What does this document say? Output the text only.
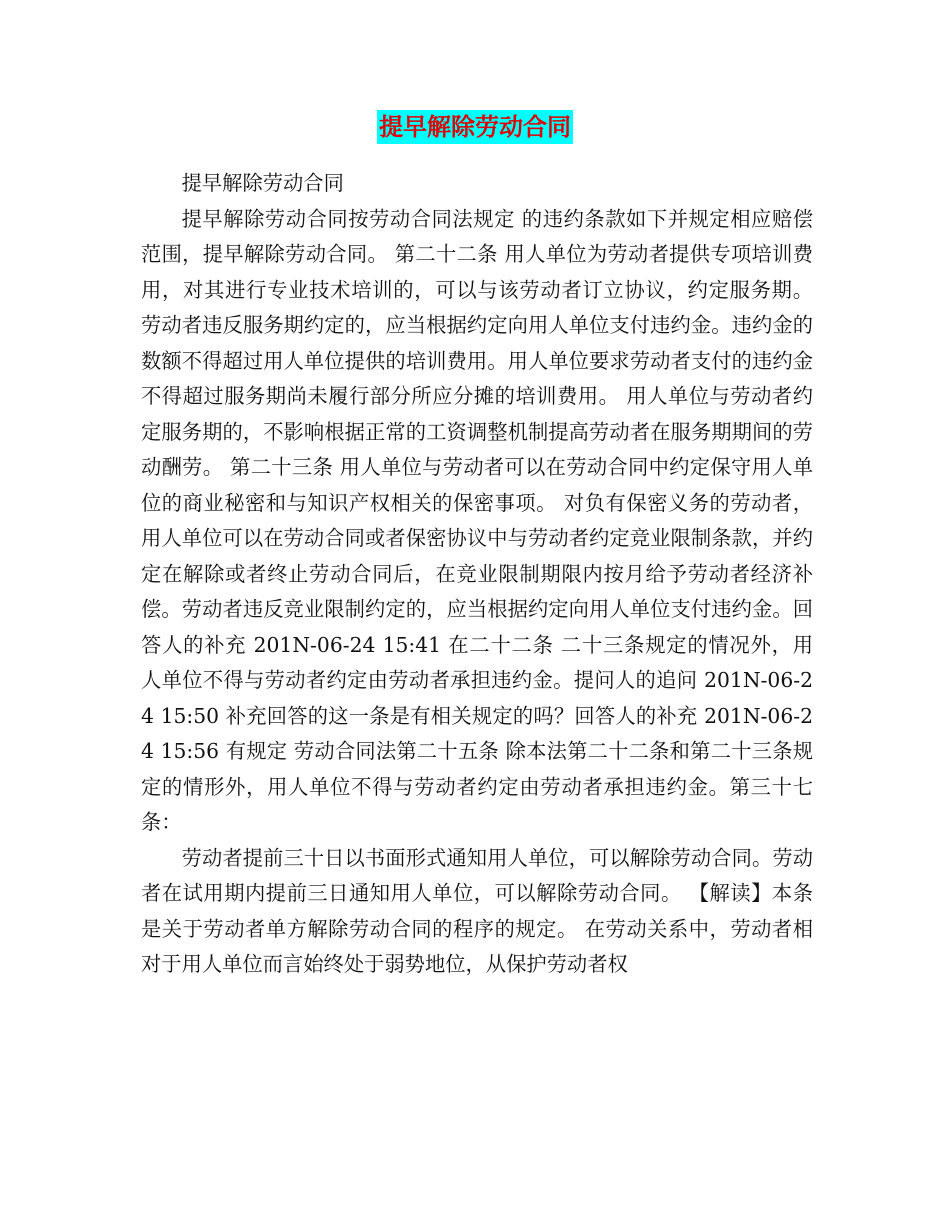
提早解除劳动合同

提早解除劳动合同

提早解除劳动合同按劳动合同法规定 的违约条款如下并规定相应赔偿范围，提早解除劳动合同。 第二十二条 用人单位为劳动者提供专项培训费用，对其进行专业技术培训的，可以与该劳动者订立协议，约定服务期。 劳动者违反服务期约定的，应当根据约定向用人单位支付违约金。违约金的数额不得超过用人单位提供的培训费用。用人单位要求劳动者支付的违约金不得超过服务期尚未履行部分所应分摊的培训费用。 用人单位与劳动者约定服务期的，不影响根据正常的工资调整机制提高劳动者在服务期期间的劳动酬劳。 第二十三条 用人单位与劳动者可以在劳动合同中约定保守用人单位的商业秘密和与知识产权相关的保密事项。 对负有保密义务的劳动者，用人单位可以在劳动合同或者保密协议中与劳动者约定竞业限制条款，并约定在解除或者终止劳动合同后，在竞业限制期限内按月给予劳动者经济补偿。劳动者违反竞业限制约定的，应当根据约定向用人单位支付违约金。回答人的补充 201N-06-24 15:41 在二十二条 二十三条规定的情况外，用人单位不得与劳动者约定由劳动者承担违约金。提问人的追问 201N-06-24 15:50 补充回答的这一条是有相关规定的吗？回答人的补充 201N-06-24 15:56 有规定 劳动合同法第二十五条 除本法第二十二条和第二十三条规定的情形外，用人单位不得与劳动者约定由劳动者承担违约金。第三十七条：

劳动者提前三十日以书面形式通知用人单位，可以解除劳动合同。劳动者在试用期内提前三日通知用人单位，可以解除劳动合同。 【解读】本条是关于劳动者单方解除劳动合同的程序的规定。 在劳动关系中，劳动者相对于用人单位而言始终处于弱势地位，从保护劳动者权
